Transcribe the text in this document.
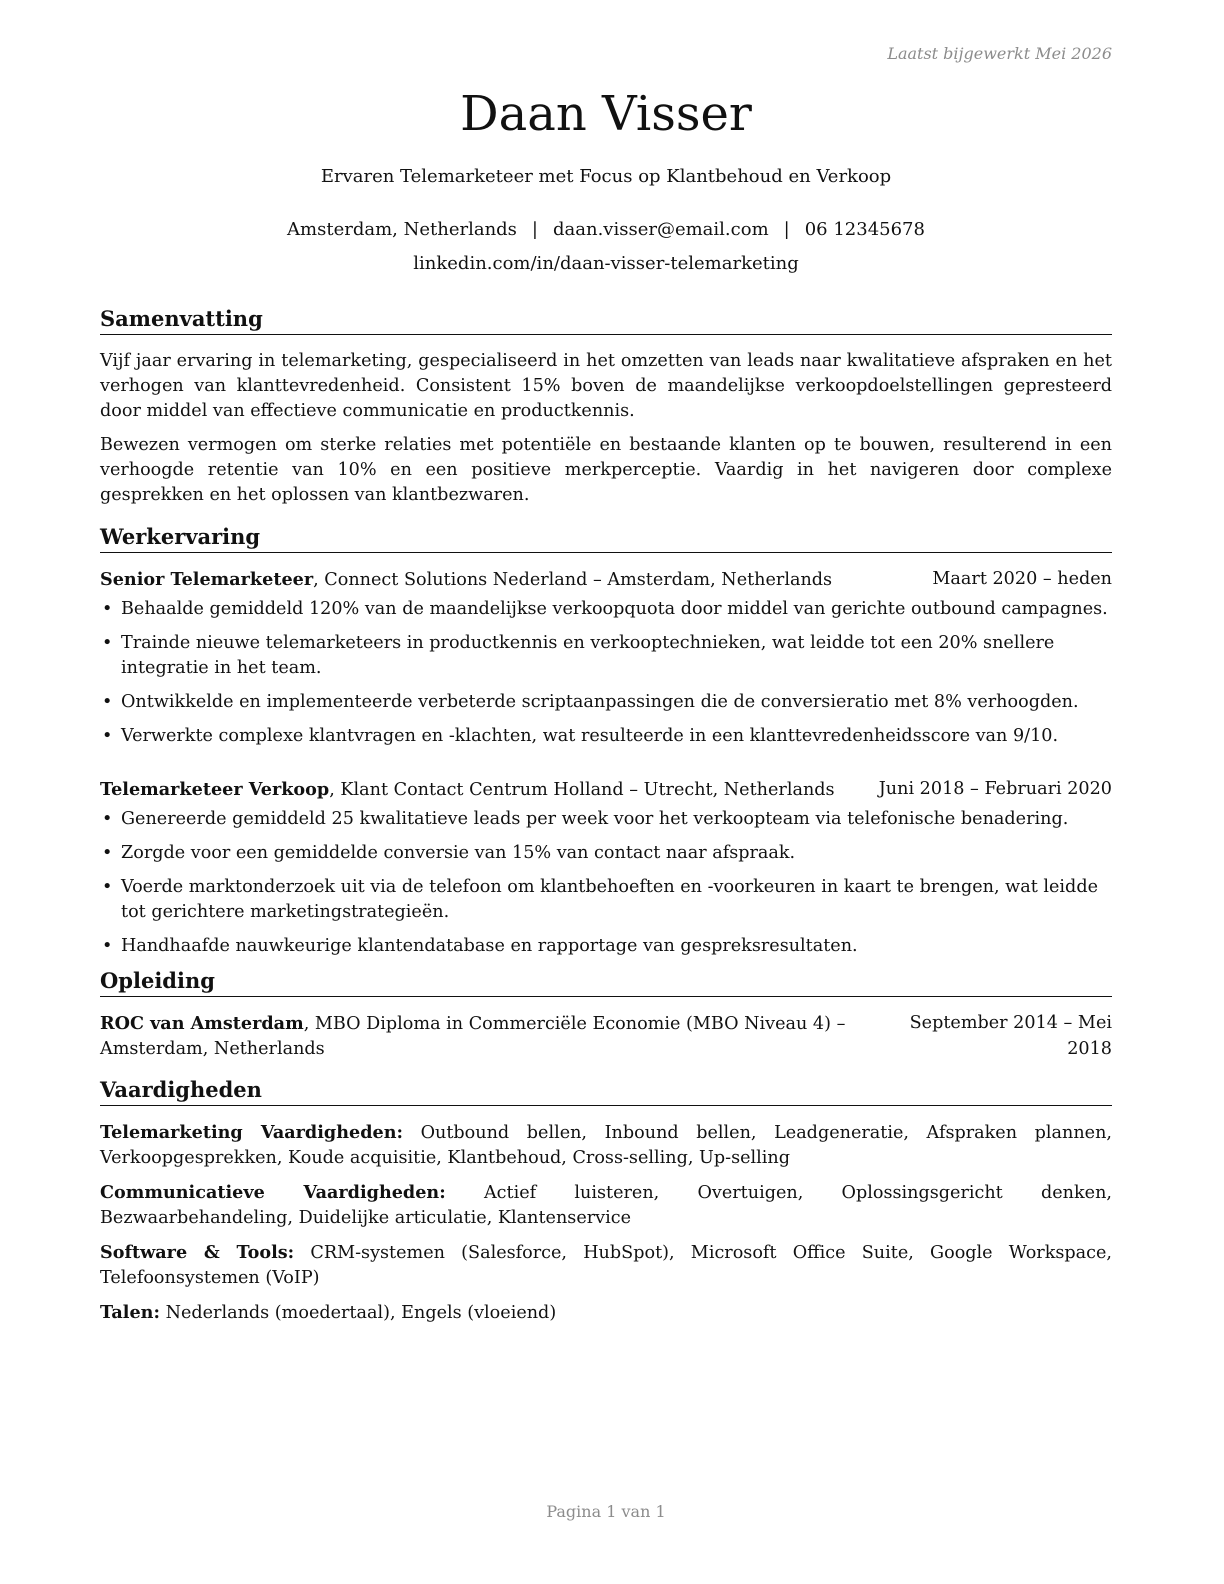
Laatst bijgewerkt Mei 2026
Daan Visser
Ervaren Telemarketeer met Focus op Klantbehoud en Verkoop
Amsterdam, Netherlands | daan.visser@email.com | 06 12345678
linkedin.com/in/daan-visser-telemarketing
Samenvatting

Vijf jaar ervaring in telemarketing, gespecialiseerd in het omzetten van leads naar kwalitatieve afspraken en het verhogen van klanttevredenheid. Consistent 15% boven de maandelijkse verkoopdoelstellingen gepresteerd door middel van effectieve communicatie en productkennis.

Bewezen vermogen om sterke relaties met potentiële en bestaande klanten op te bouwen, resulterend in een verhoogde retentie van 10% en een positieve merkperceptie. Vaardig in het navigeren door complexe gesprekken en het oplossen van klantbezwaren.

Werkervaring
Senior Telemarketeer, Connect Solutions Nederland – Amsterdam, Netherlands	Maart 2020 – heden
• Behaalde gemiddeld 120% van de maandelijkse verkoopquota door middel van gerichte outbound campagnes.
• Trainde nieuwe telemarketeers in productkennis en verkooptechnieken, wat leidde tot een 20% snellere integratie in het team.
• Ontwikkelde en implementeerde verbeterde scriptaanpassingen die de conversieratio met 8% verhoogden.
• Verwerkte complexe klantvragen en -klachten, wat resulteerde in een klanttevredenheidsscore van 9/10.
Telemarketeer Verkoop, Klant Contact Centrum Holland – Utrecht, Netherlands	Juni 2018 – Februari 2020
• Genereerde gemiddeld 25 kwalitatieve leads per week voor het verkoopteam via telefonische benadering.
• Zorgde voor een gemiddelde conversie van 15% van contact naar afspraak.
• Voerde marktonderzoek uit via de telefoon om klantbehoeften en -voorkeuren in kaart te brengen, wat leidde tot gerichtere marketingstrategieën.
• Handhaafde nauwkeurige klantendatabase en rapportage van gespreksresultaten.
Opleiding
ROC van Amsterdam, MBO Diploma in Commerciële Economie (MBO Niveau 4) –	September 2014 – Mei
Amsterdam, Netherlands	2018
Vaardigheden

Telemarketing Vaardigheden: Outbound bellen, Inbound bellen, Leadgeneratie, Afspraken plannen, Verkoopgesprekken, Koude acquisitie, Klantbehoud, Cross-selling, Up-selling

Communicatieve Vaardigheden: Actief luisteren, Overtuigen, Oplossingsgericht denken, Bezwaarbehandeling, Duidelijke articulatie, Klantenservice

Software & Tools: CRM-systemen (Salesforce, HubSpot), Microsoft Office Suite, Google Workspace, Telefoonsystemen (VoIP)

Talen: Nederlands (moedertaal), Engels (vloeiend)

Pagina 1 van 1
